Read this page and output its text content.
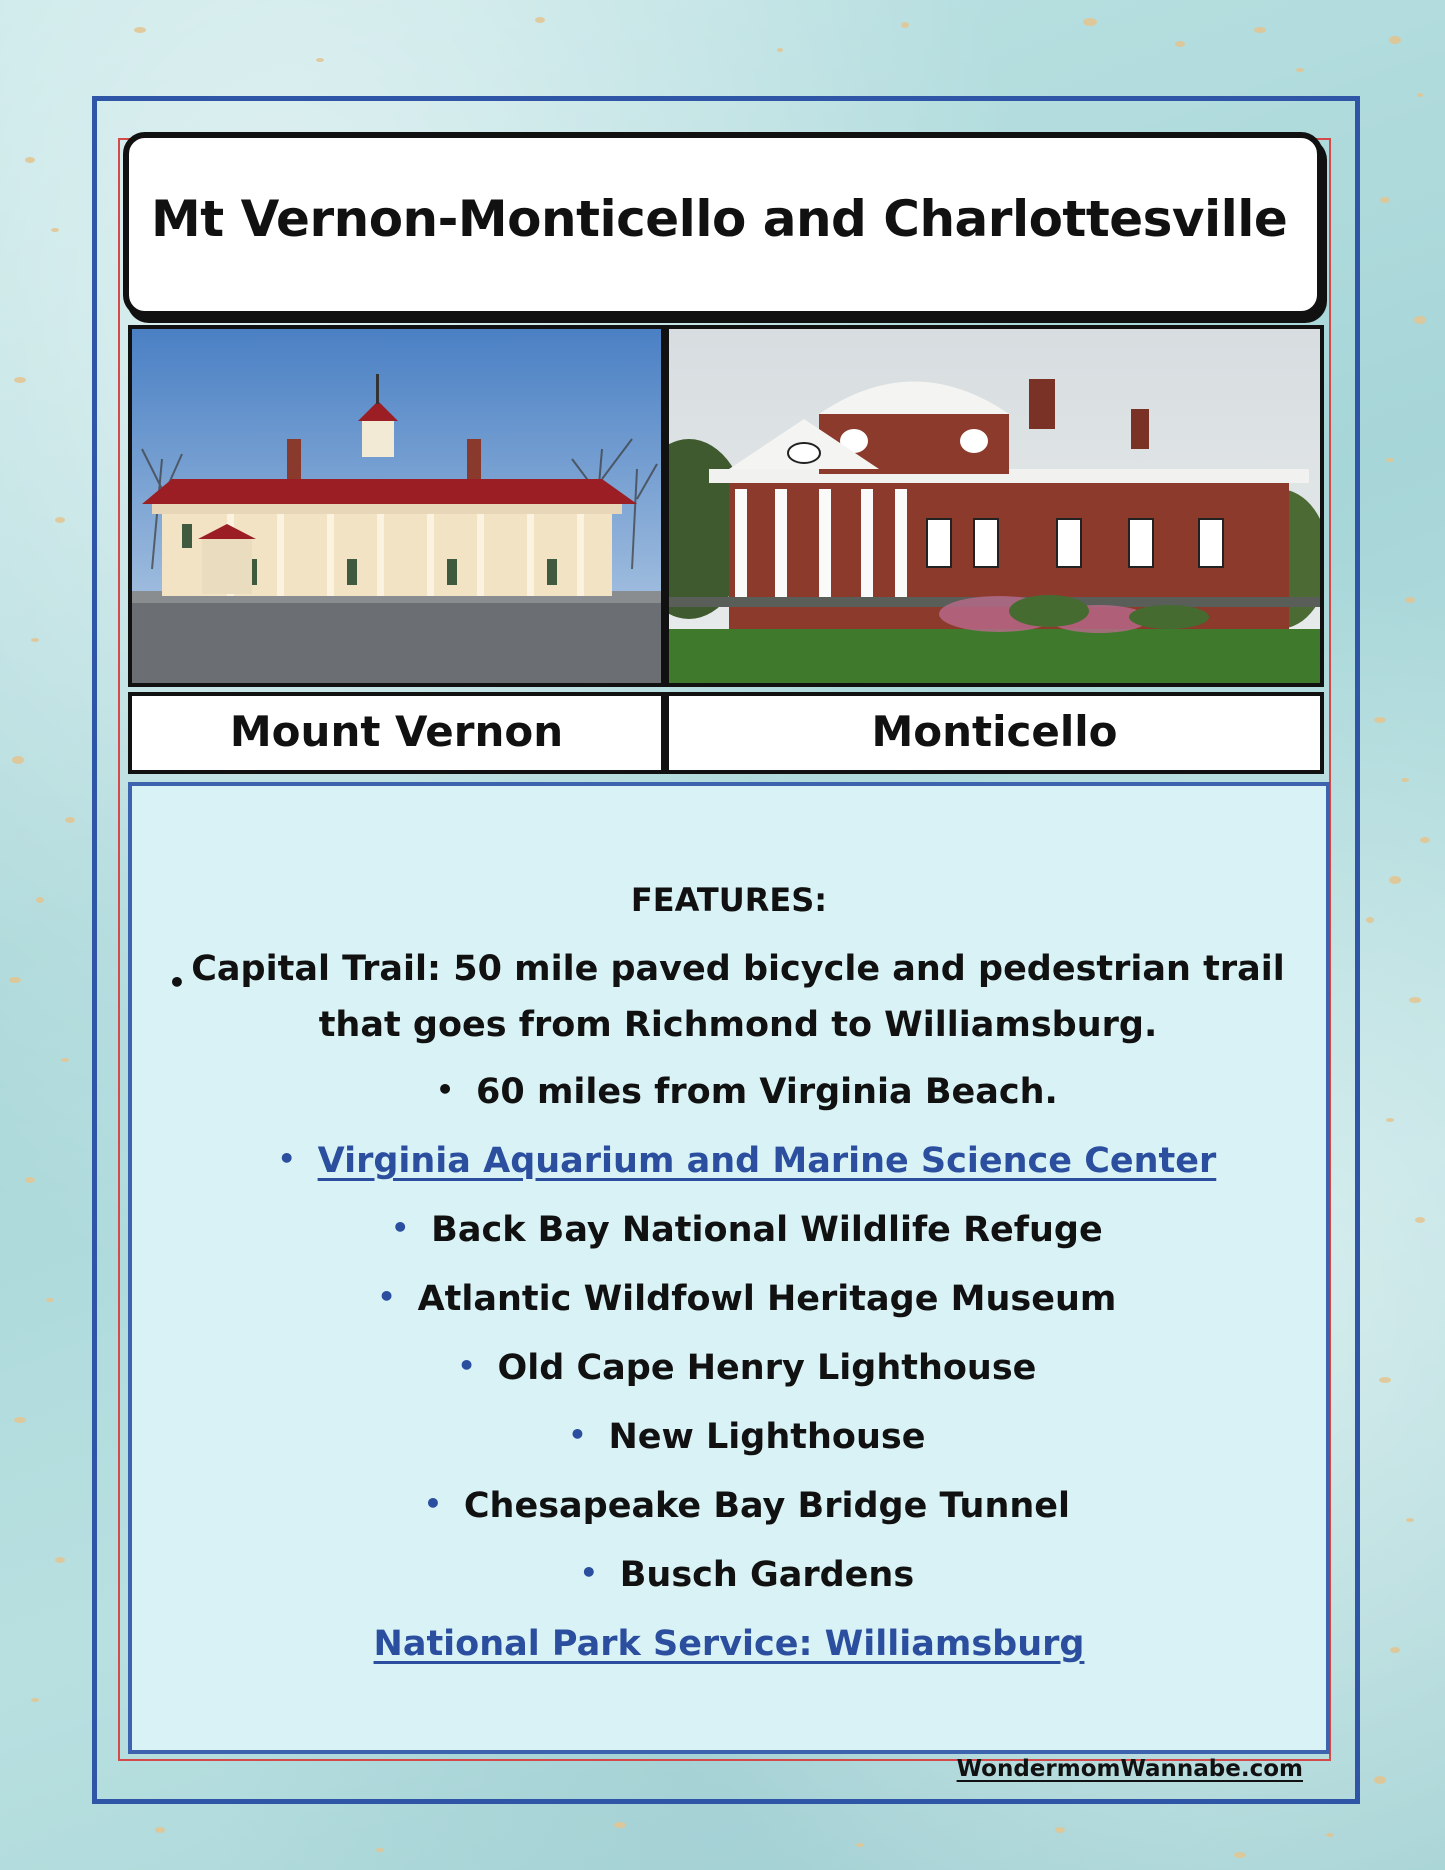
Mt Vernon-Monticello and Charlottesville
Mount Vernon	Monticello
FEATURES:
• Capital Trail: 50 mile paved bicycle and pedestrian trail that goes from Richmond to Williamsburg.
• 60 miles from Virginia Beach.
• Virginia Aquarium and Marine Science Center
• Back Bay National Wildlife Refuge
• Atlantic Wildfowl Heritage Museum
• Old Cape Henry Lighthouse
• New Lighthouse
• Chesapeake Bay Bridge Tunnel
• Busch Gardens
National Park Service: Williamsburg
WondermomWannabe.com
